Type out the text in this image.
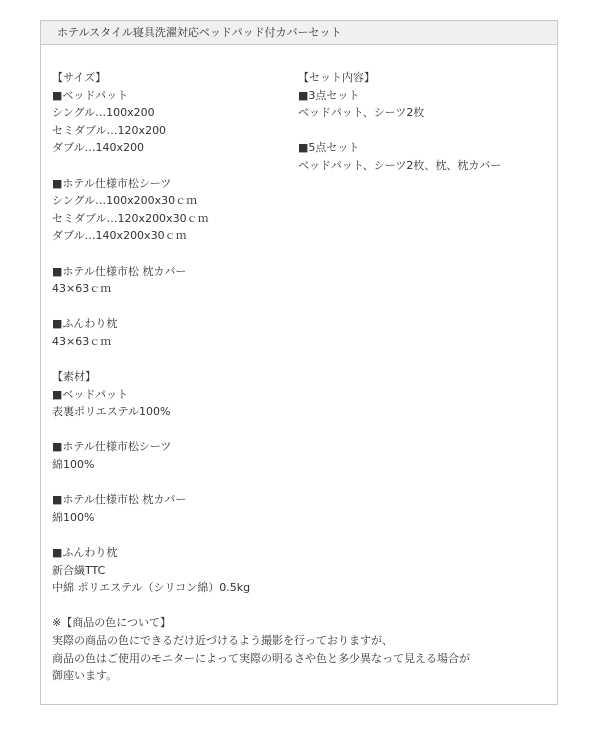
ホテルスタイル寝具洗濯対応ベッドパッド付カバーセット
【サイズ】
■ベッドパット
シングル…100x200
セミダブル…120x200
ダブル…140x200
■ホテル仕様市松シーツ
シングル…100x200x30ｃｍ
セミダブル…120x200x30ｃｍ
ダブル…140x200x30ｃｍ
■ホテル仕様市松 枕カバー
43×63ｃｍ
■ふんわり枕
43×63ｃｍ
【素材】
■ベッドパット
表裏ポリエステル100%
■ホテル仕様市松シーツ
綿100%
■ホテル仕様市松 枕カバー
綿100%
■ふんわり枕
新合繊TTC
中綿 ポリエステル（シリコン綿）0.5kg
※【商品の色について】
実際の商品の色にできるだけ近づけるよう撮影を行っておりますが、
商品の色はご使用のモニターによって実際の明るさや色と多少異なって見える場合が
御座います。
【セット内容】
■3点セット
ベッドパット、シーツ2枚
■5点セット
ベッドパット、シーツ2枚、枕、枕カバー
